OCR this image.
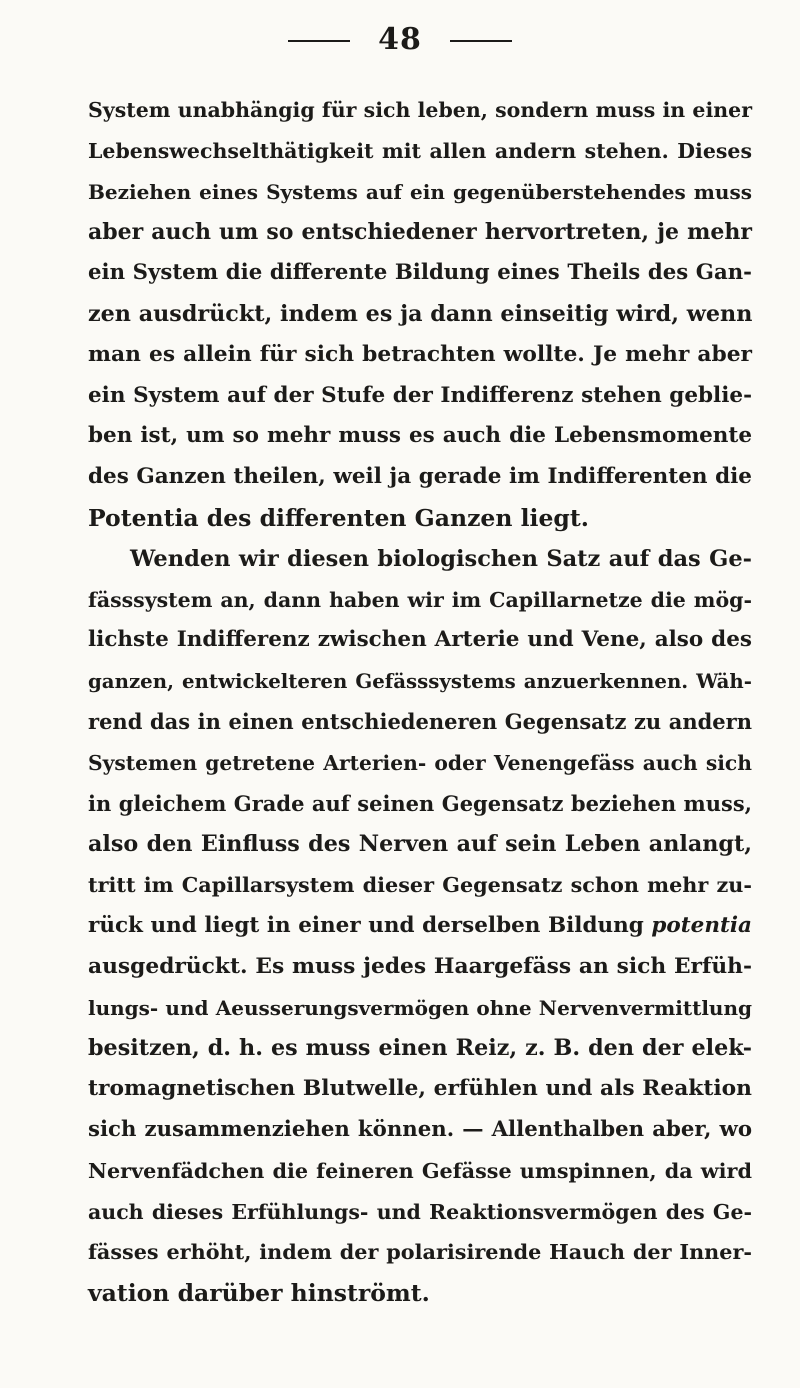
48
System unabhängig für sich leben, sondern muss in einer
Lebenswechselthätigkeit mit allen andern stehen. Dieses
Beziehen eines Systems auf ein gegenüberstehendes muss
aber auch um so entschiedener hervortreten, je mehr
ein System die differente Bildung eines Theils des Gan-
zen ausdrückt, indem es ja dann einseitig wird, wenn
man es allein für sich betrachten wollte. Je mehr aber
ein System auf der Stufe der Indifferenz stehen geblie-
ben ist, um so mehr muss es auch die Lebensmomente
des Ganzen theilen, weil ja gerade im Indifferenten die
Potentia des differenten Ganzen liegt.
Wenden wir diesen biologischen Satz auf das Ge-
fässsystem an, dann haben wir im Capillarnetze die mög-
lichste Indifferenz zwischen Arterie und Vene, also des
ganzen, entwickelteren Gefässsystems anzuerkennen. Wäh-
rend das in einen entschiedeneren Gegensatz zu andern
Systemen getretene Arterien- oder Venengefäss auch sich
in gleichem Grade auf seinen Gegensatz beziehen muss,
also den Einfluss des Nerven auf sein Leben anlangt,
tritt im Capillarsystem dieser Gegensatz schon mehr zu-
rück und liegt in einer und derselben Bildung potentia
ausgedrückt. Es muss jedes Haargefäss an sich Erfüh-
lungs- und Aeusserungsvermögen ohne Nervenvermittlung
besitzen, d. h. es muss einen Reiz, z. B. den der elek-
tromagnetischen Blutwelle, erfühlen und als Reaktion
sich zusammenziehen können. — Allenthalben aber, wo
Nervenfädchen die feineren Gefässe umspinnen, da wird
auch dieses Erfühlungs- und Reaktionsvermögen des Ge-
fässes erhöht, indem der polarisirende Hauch der Inner-
vation darüber hinströmt.
